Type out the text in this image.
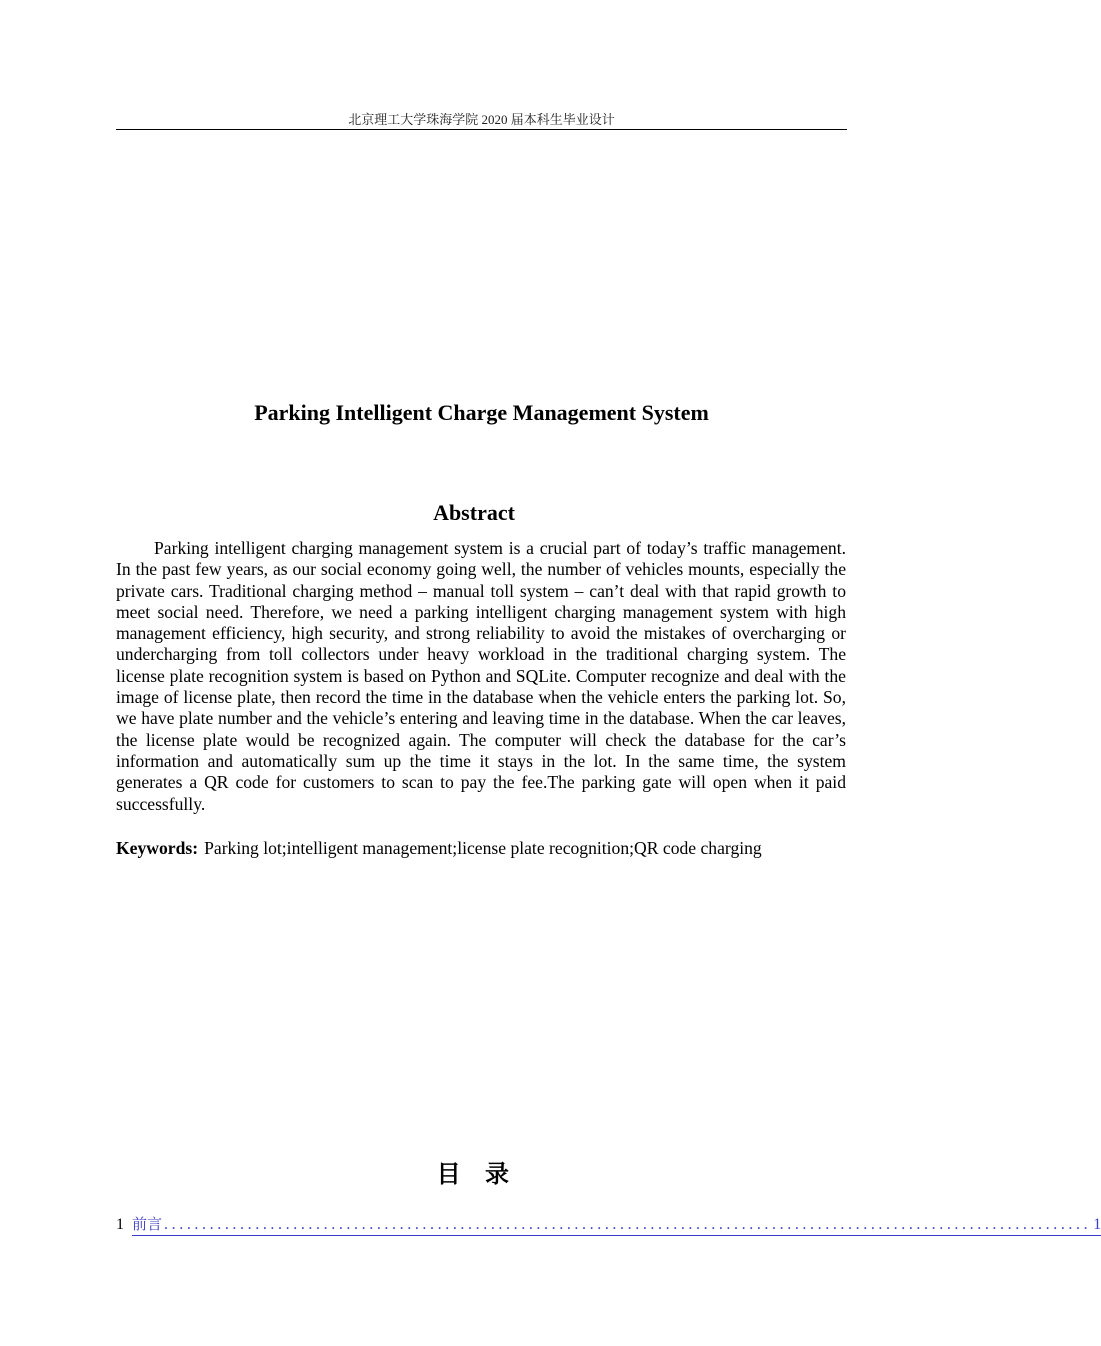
北京理工大学珠海学院 2020 届本科生毕业设计
Parking Intelligent Charge Management System
Abstract

Parking intelligent charging management system is a crucial part of today’s traffic management. In the past few years, as our social economy going well, the number of vehicles mounts, especially the private cars. Traditional charging method – manual toll system – can’t deal with that rapid growth to meet social need. Therefore, we need a parking intelligent charging management system with high management efficiency, high security, and strong reliability to avoid the mistakes of overcharging or undercharging from toll collectors under heavy workload in the traditional charging system. The license plate recognition system is based on Python and SQLite. Computer recognize and deal with the image of license plate, then record the time in the database when the vehicle enters the parking lot. So, we have plate number and the vehicle’s entering and leaving time in the database. When the car leaves, the license plate would be recognized again. The computer will check the database for the car’s information and automatically sum up the time it stays in the lot. In the same time, the system generates a QR code for customers to scan to pay the fee.The parking gate will open when it paid successfully.

Keywords: Parking lot;intelligent management;license plate recognition;QR code charging

目 录
1 前言 .......................................................................................................................... 1
